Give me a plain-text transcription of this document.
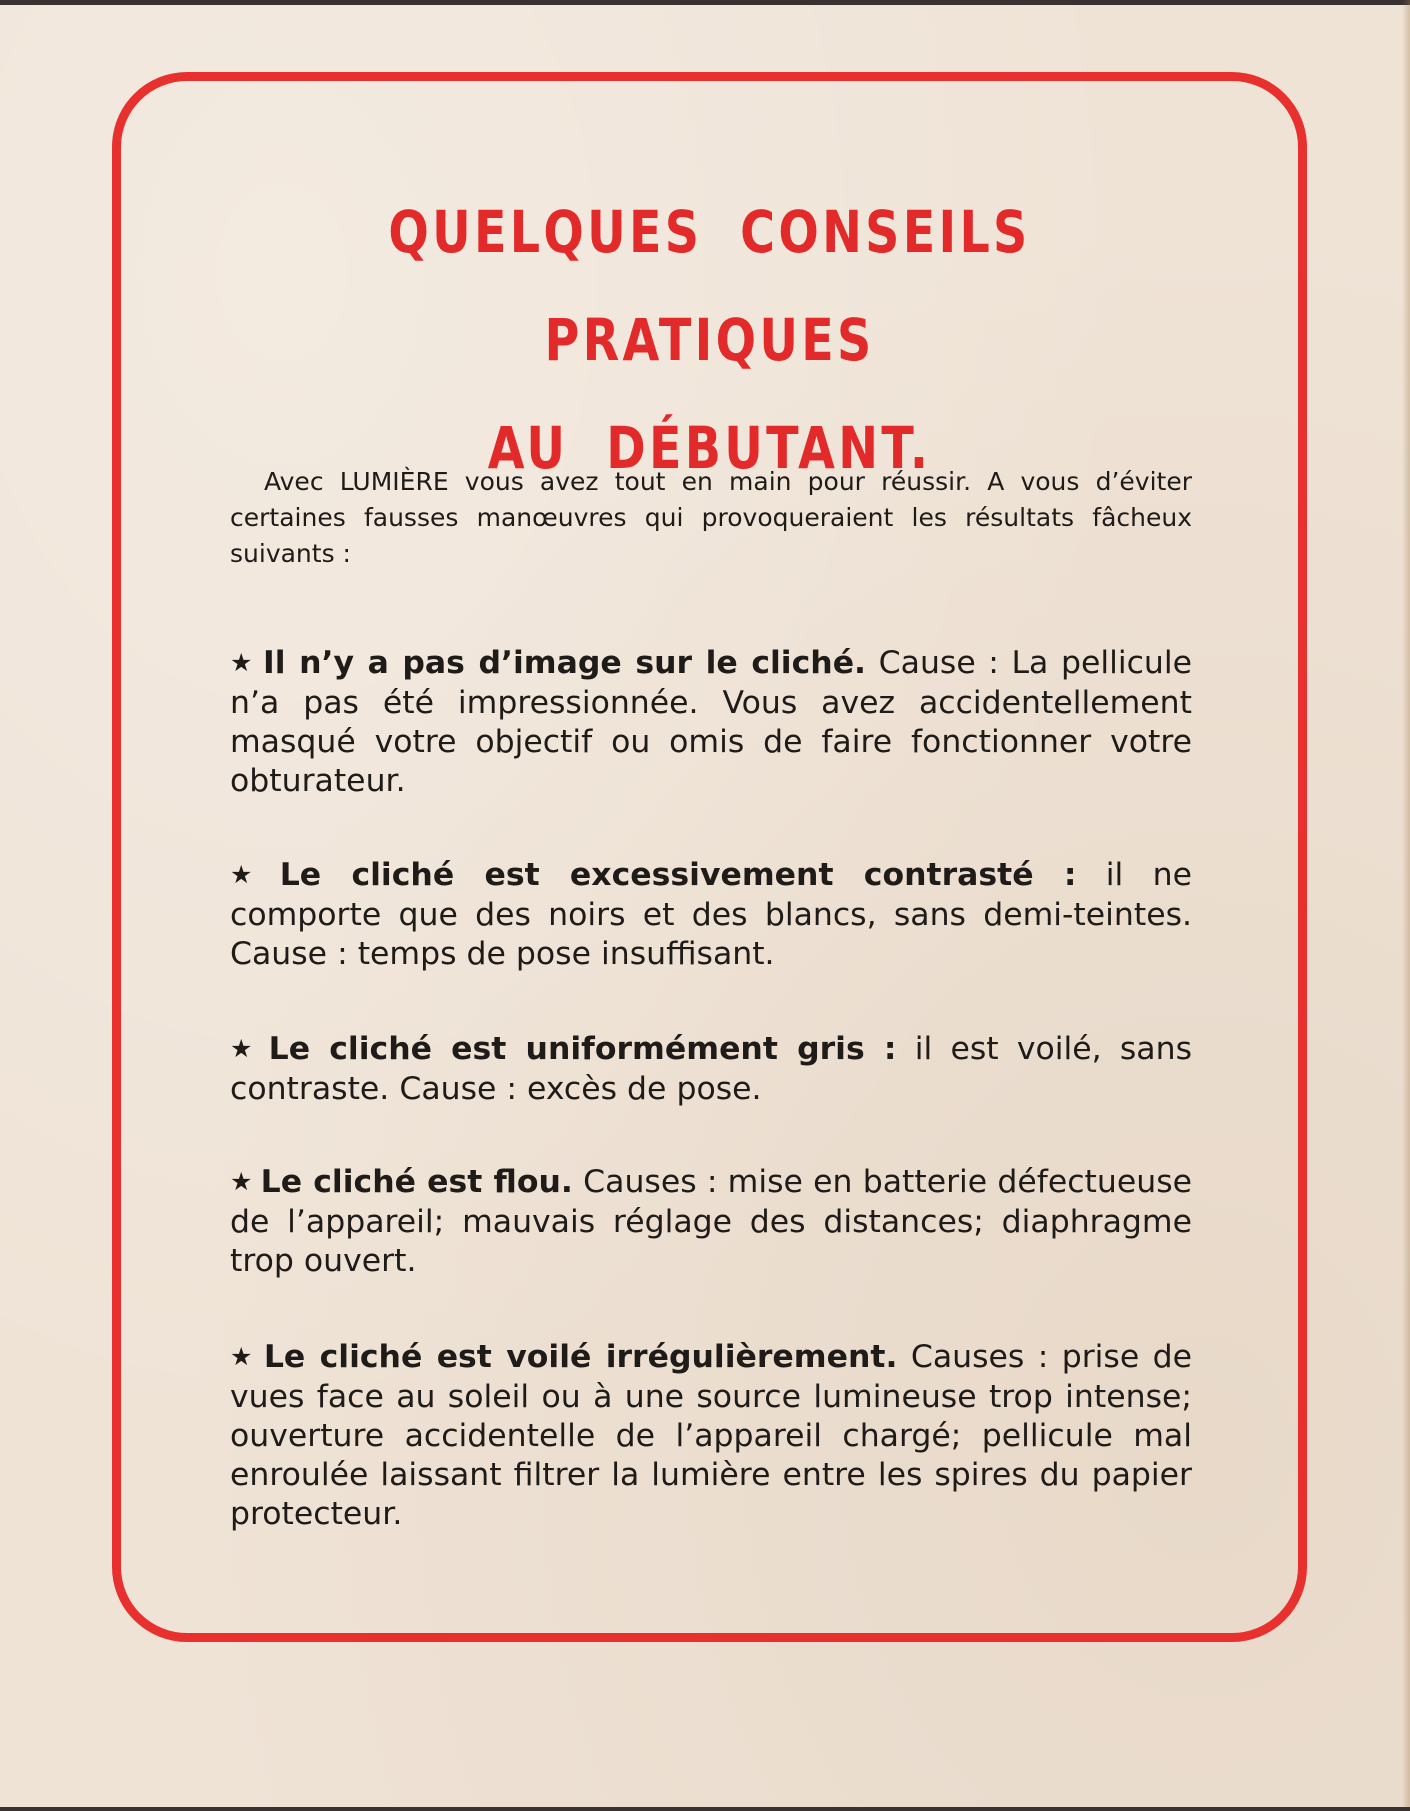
QUELQUES CONSEILS PRATIQUES
AU DÉBUTANT.

Avec LUMIÈRE vous avez tout en main pour réussir. A vous d’éviter certaines fausses manœuvres qui provoqueraient les résultats fâcheux suivants :

★ Il n’y a pas d’image sur le cliché. Cause : La pellicule n’a pas été impressionnée. Vous avez accidentellement masqué votre objectif ou omis de faire fonctionner votre obturateur.

★ Le cliché est excessivement contrasté : il ne comporte que des noirs et des blancs, sans demi-teintes. Cause : temps de pose insuffisant.

★ Le cliché est uniformément gris : il est voilé, sans contraste. Cause : excès de pose.

★ Le cliché est flou. Causes : mise en batterie défectueuse de l’appareil; mauvais réglage des distances; diaphragme trop ouvert.

★ Le cliché est voilé irrégulièrement. Causes : prise de vues face au soleil ou à une source lumineuse trop intense; ouverture accidentelle de l’appareil chargé; pellicule mal enroulée laissant filtrer la lumière entre les spires du papier protecteur.
